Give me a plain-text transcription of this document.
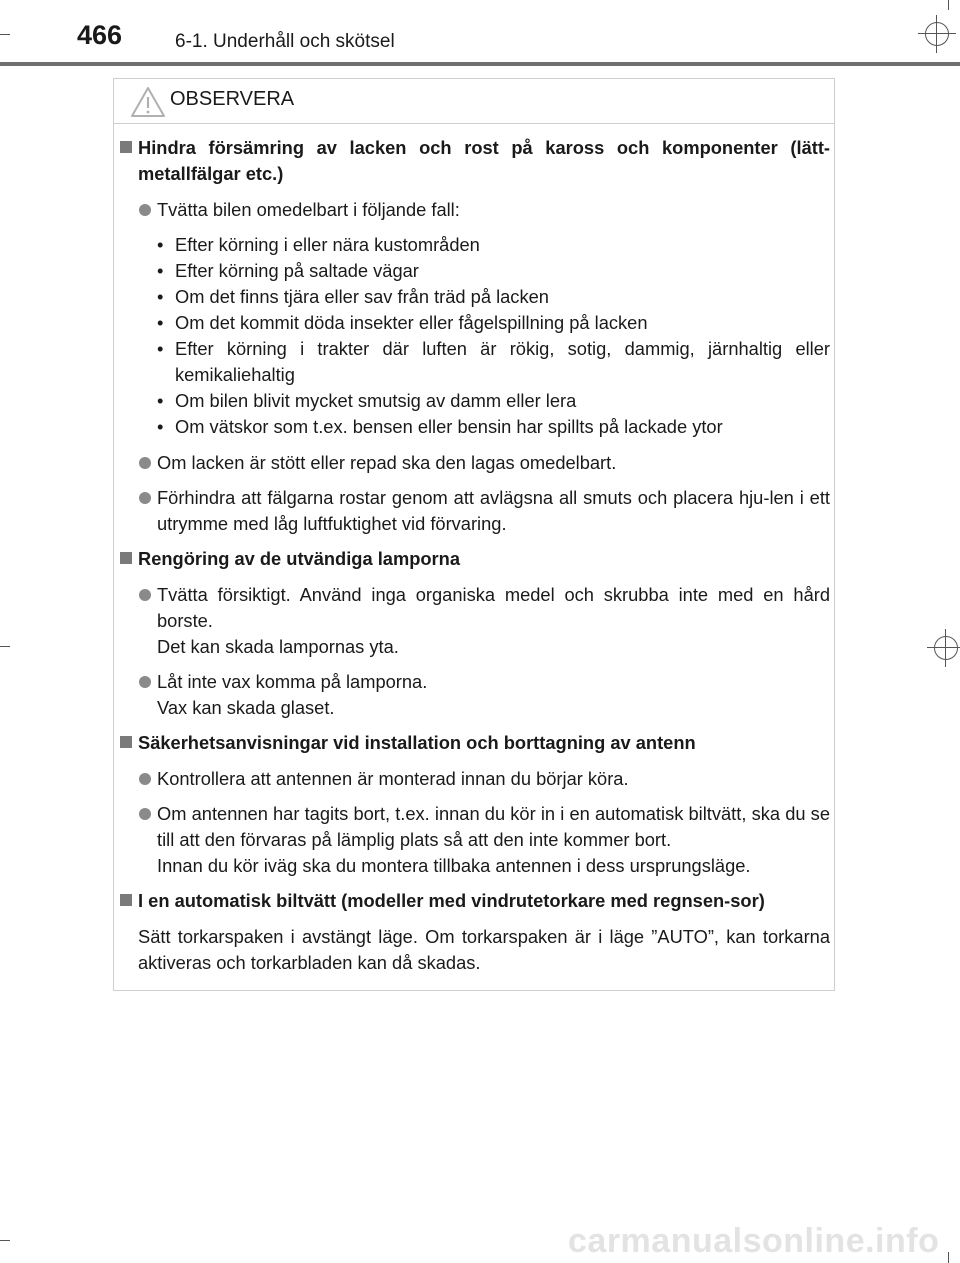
466	6-1. Underhåll och skötsel
OBSERVERA
Hindra försämring av lacken och rost på kaross och komponenter (lätt-metallfälgar etc.)
Tvätta bilen omedelbart i följande fall:
• Efter körning i eller nära kustområden
• Efter körning på saltade vägar
• Om det finns tjära eller sav från träd på lacken
• Om det kommit döda insekter eller fågelspillning på lacken
• Efter körning i trakter där luften är rökig, sotig, dammig, järnhaltig eller kemikaliehaltig
• Om bilen blivit mycket smutsig av damm eller lera
• Om vätskor som t.ex. bensen eller bensin har spillts på lackade ytor
Om lacken är stött eller repad ska den lagas omedelbart.
Förhindra att fälgarna rostar genom att avlägsna all smuts och placera hju-len i ett utrymme med låg luftfuktighet vid förvaring.
Rengöring av de utvändiga lamporna
Tvätta försiktigt. Använd inga organiska medel och skrubba inte med en hård borste.
Det kan skada lampornas yta.
Låt inte vax komma på lamporna.
Vax kan skada glaset.
Säkerhetsanvisningar vid installation och borttagning av antenn
Kontrollera att antennen är monterad innan du börjar köra.
Om antennen har tagits bort, t.ex. innan du kör in i en automatisk biltvätt, ska du se till att den förvaras på lämplig plats så att den inte kommer bort.
Innan du kör iväg ska du montera tillbaka antennen i dess ursprungsläge.
I en automatisk biltvätt (modeller med vindrutetorkare med regnsen-sor)
Sätt torkarspaken i avstängt läge. Om torkarspaken är i läge ”AUTO”, kan torkarna aktiveras och torkarbladen kan då skadas.
carmanualsonline.info
